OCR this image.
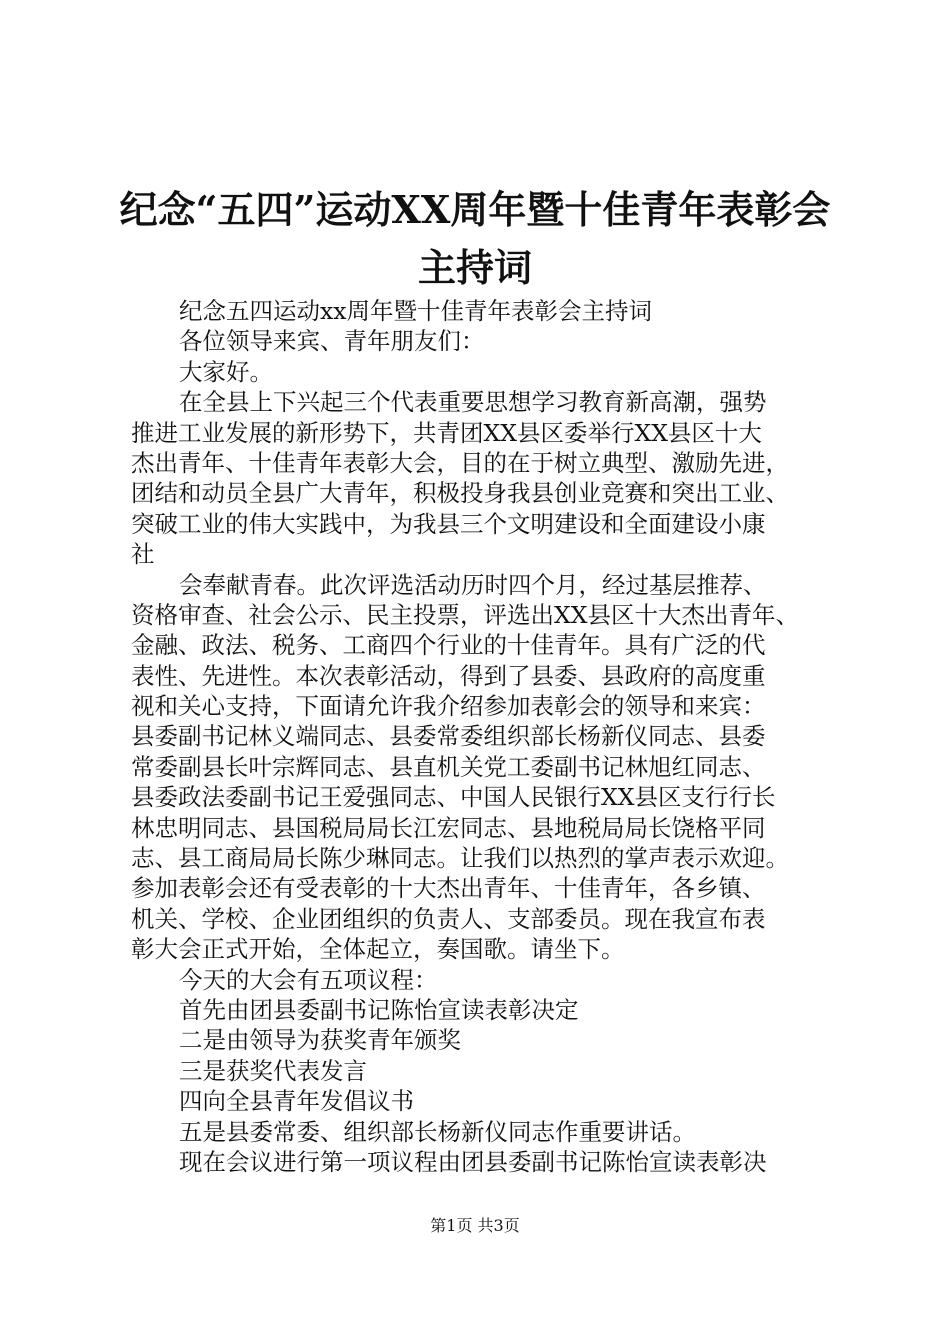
纪念“五四”运动XX周年暨十佳青年表彰会
主持词
纪念五四运动xx周年暨十佳青年表彰会主持词
各位领导来宾、青年朋友们：
大家好。
在全县上下兴起三个代表重要思想学习教育新高潮，强势
推进工业发展的新形势下，共青团XX县区委举行XX县区十大
杰出青年、十佳青年表彰大会，目的在于树立典型、激励先进，
团结和动员全县广大青年，积极投身我县创业竞赛和突出工业、
突破工业的伟大实践中，为我县三个文明建设和全面建设小康
社
会奉献青春。此次评选活动历时四个月，经过基层推荐、
资格审查、社会公示、民主投票，评选出XX县区十大杰出青年、
金融、政法、税务、工商四个行业的十佳青年。具有广泛的代
表性、先进性。本次表彰活动，得到了县委、县政府的高度重
视和关心支持，下面请允许我介绍参加表彰会的领导和来宾：
县委副书记林义端同志、县委常委组织部长杨新仪同志、县委
常委副县长叶宗辉同志、县直机关党工委副书记林旭红同志、
县委政法委副书记王爱强同志、中国人民银行XX县区支行行长
林忠明同志、县国税局局长江宏同志、县地税局局长饶格平同
志、县工商局局长陈少琳同志。让我们以热烈的掌声表示欢迎。
参加表彰会还有受表彰的十大杰出青年、十佳青年，各乡镇、
机关、学校、企业团组织的负责人、支部委员。现在我宣布表
彰大会正式开始，全体起立，奏国歌。请坐下。
今天的大会有五项议程：
首先由团县委副书记陈怡宣读表彰决定
二是由领导为获奖青年颁奖
三是获奖代表发言
四向全县青年发倡议书
五是县委常委、组织部长杨新仪同志作重要讲话。
现在会议进行第一项议程由团县委副书记陈怡宣读表彰决
第1页 共3页
